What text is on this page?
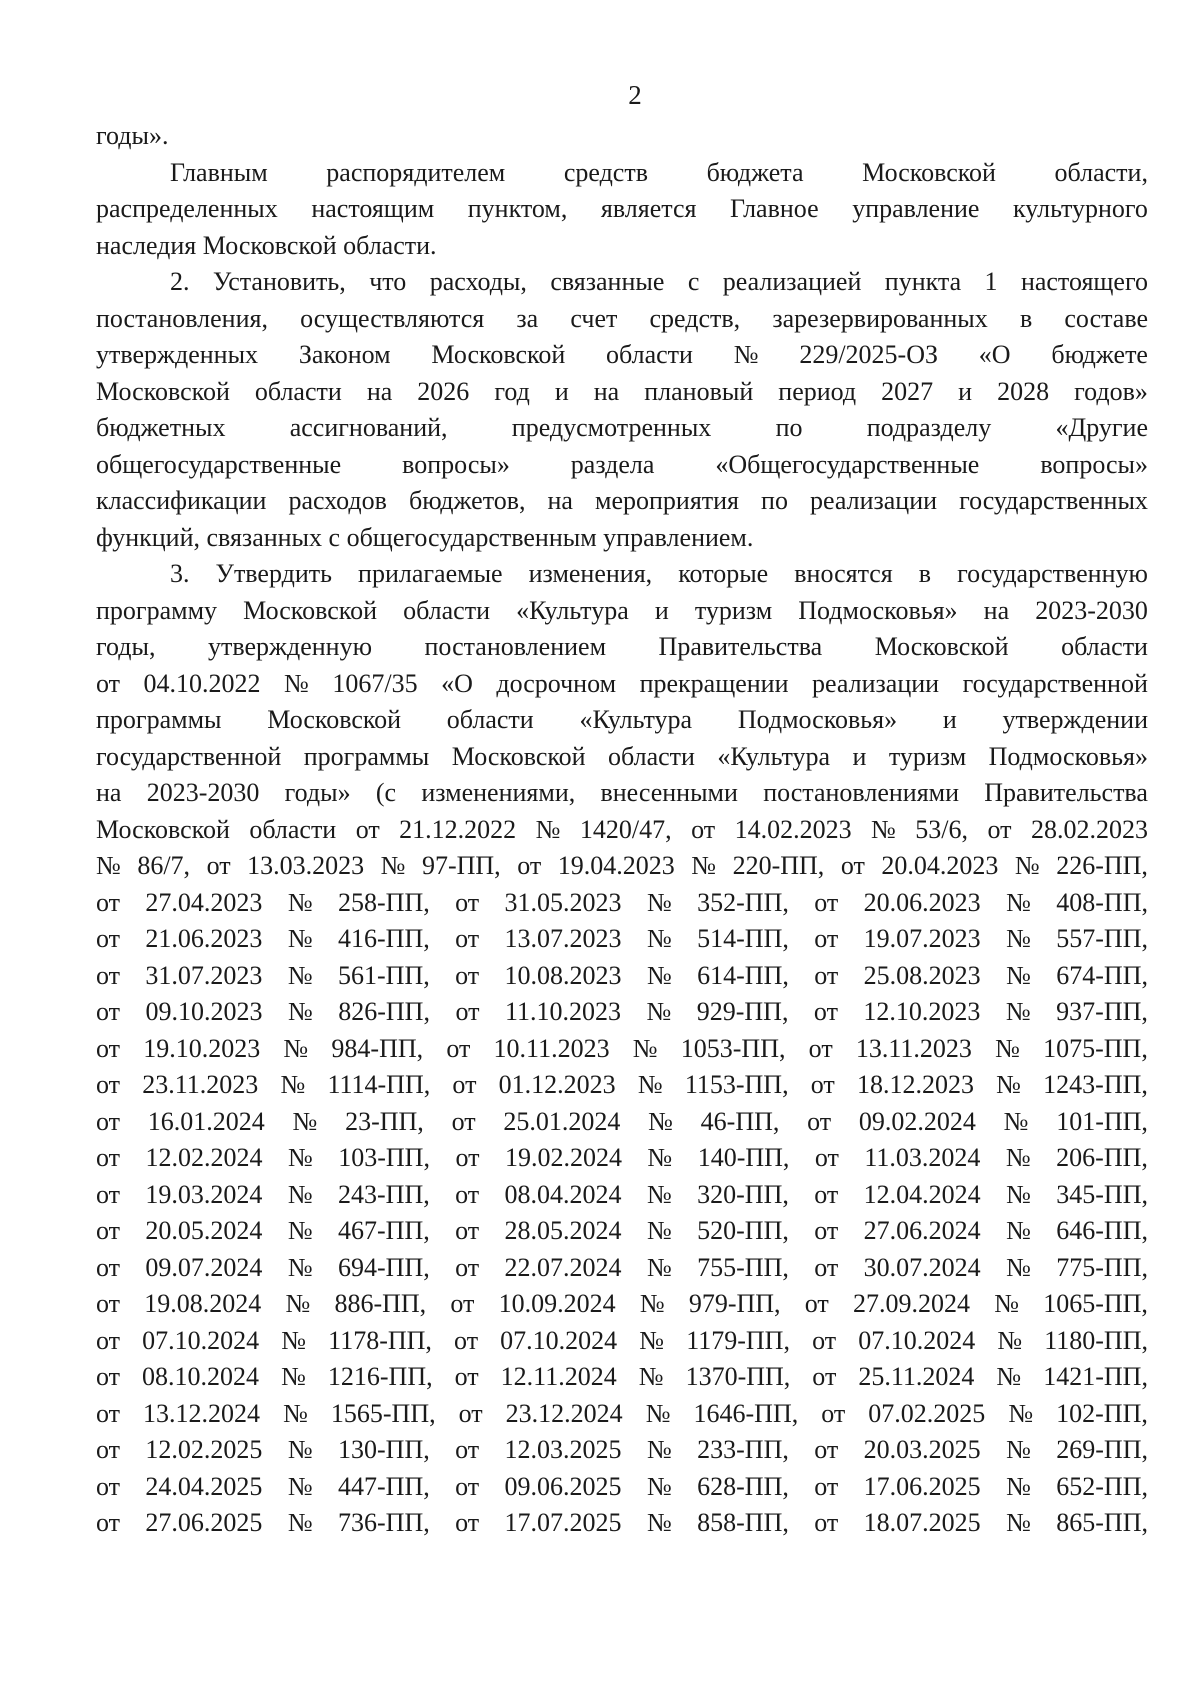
2
годы».
Главным распорядителем средств бюджета Московской области,
распределенных настоящим пунктом, является Главное управление культурного
наследия Московской области.
2. Установить, что расходы, связанные с реализацией пункта 1 настоящего
постановления, осуществляются за счет средств, зарезервированных в составе
утвержденных Законом Московской области № 229/2025-ОЗ «О бюджете
Московской области на 2026 год и на плановый период 2027 и 2028 годов»
бюджетных ассигнований, предусмотренных по подразделу «Другие
общегосударственные вопросы» раздела «Общегосударственные вопросы»
классификации расходов бюджетов, на мероприятия по реализации государственных
функций, связанных с общегосударственным управлением.
3. Утвердить прилагаемые изменения, которые вносятся в государственную
программу Московской области «Культура и туризм Подмосковья» на 2023-2030
годы, утвержденную постановлением Правительства Московской области
от 04.10.2022 № 1067/35 «О досрочном прекращении реализации государственной
программы Московской области «Культура Подмосковья» и утверждении
государственной программы Московской области «Культура и туризм Подмосковья»
на 2023-2030 годы» (с изменениями, внесенными постановлениями Правительства
Московской области от 21.12.2022 № 1420/47, от 14.02.2023 № 53/6, от 28.02.2023
№ 86/7, от 13.03.2023 № 97-ПП, от 19.04.2023 № 220-ПП, от 20.04.2023 № 226-ПП,
от 27.04.2023 № 258-ПП, от 31.05.2023 № 352-ПП, от 20.06.2023 № 408-ПП,
от 21.06.2023 № 416-ПП, от 13.07.2023 № 514-ПП, от 19.07.2023 № 557-ПП,
от 31.07.2023 № 561-ПП, от 10.08.2023 № 614-ПП, от 25.08.2023 № 674-ПП,
от 09.10.2023 № 826-ПП, от 11.10.2023 № 929-ПП, от 12.10.2023 № 937-ПП,
от 19.10.2023 № 984-ПП, от 10.11.2023 № 1053-ПП, от 13.11.2023 № 1075-ПП,
от 23.11.2023 № 1114-ПП, от 01.12.2023 № 1153-ПП, от 18.12.2023 № 1243-ПП,
от 16.01.2024 № 23-ПП, от 25.01.2024 № 46-ПП, от 09.02.2024 № 101-ПП,
от 12.02.2024 № 103-ПП, от 19.02.2024 № 140-ПП, от 11.03.2024 № 206-ПП,
от 19.03.2024 № 243-ПП, от 08.04.2024 № 320-ПП, от 12.04.2024 № 345-ПП,
от 20.05.2024 № 467-ПП, от 28.05.2024 № 520-ПП, от 27.06.2024 № 646-ПП,
от 09.07.2024 № 694-ПП, от 22.07.2024 № 755-ПП, от 30.07.2024 № 775-ПП,
от 19.08.2024 № 886-ПП, от 10.09.2024 № 979-ПП, от 27.09.2024 № 1065-ПП,
от 07.10.2024 № 1178-ПП, от 07.10.2024 № 1179-ПП, от 07.10.2024 № 1180-ПП,
от 08.10.2024 № 1216-ПП, от 12.11.2024 № 1370-ПП, от 25.11.2024 № 1421-ПП,
от 13.12.2024 № 1565-ПП, от 23.12.2024 № 1646-ПП, от 07.02.2025 № 102-ПП,
от 12.02.2025 № 130-ПП, от 12.03.2025 № 233-ПП, от 20.03.2025 № 269-ПП,
от 24.04.2025 № 447-ПП, от 09.06.2025 № 628-ПП, от 17.06.2025 № 652-ПП,
от 27.06.2025 № 736-ПП, от 17.07.2025 № 858-ПП, от 18.07.2025 № 865-ПП,
